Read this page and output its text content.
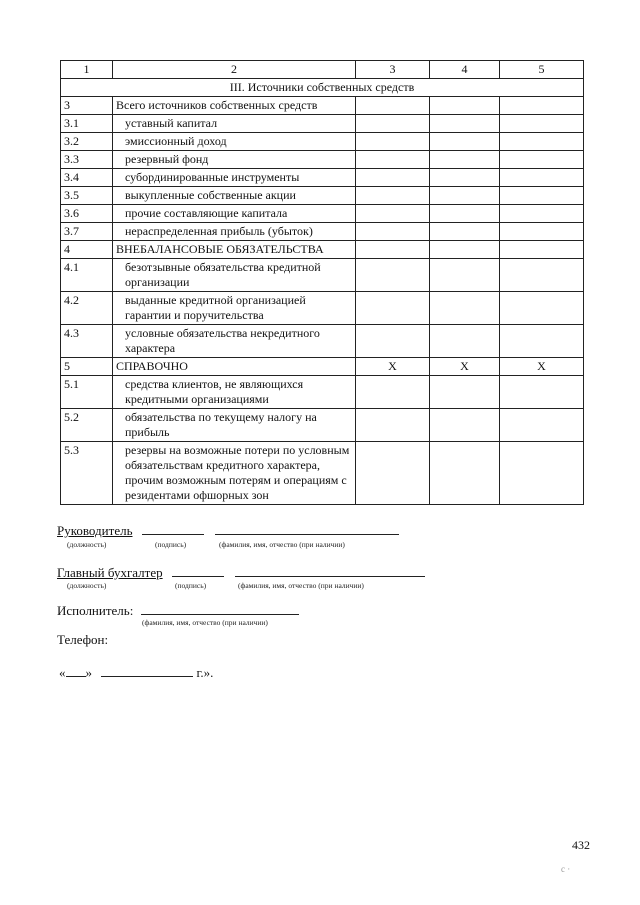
1	2	3	4	5
III. Источники собственных средств				
3	Всего источников собственных средств			
3.1	уставный капитал			
3.2	эмиссионный доход			
3.3	резервный фонд			
3.4	субординированные инструменты			
3.5	выкупленные собственные акции			
3.6	прочие составляющие капитала			
3.7	нераспределенная прибыль (убыток)			
4	ВНЕБАЛАНСОВЫЕ ОБЯЗАТЕЛЬСТВА			
4.1	безотзывные обязательства кредитной организации			
4.2	выданные кредитной организацией гарантии и поручительства			
4.3	условные обязательства некредитного характера			
5	СПРАВОЧНО	Х	Х	Х
5.1	средства клиентов, не являющихся кредитными организациями			
5.2	обязательства по текущему налогу на прибыль			
5.3	резервы на возможные потери по условным обязательствам кредитного характера, прочим возможным потерям и операциям с резидентами офшорных зон			
Руководитель
(должность)	(подпись)	(фамилия, имя, отчество (при наличии)
Главный бухгалтер
(должность)	(подпись)	(фамилия, имя, отчество (при наличии)
Исполнитель:
(фамилия, имя, отчество (при наличии)
Телефон:
« »	г.».
432
с ·
